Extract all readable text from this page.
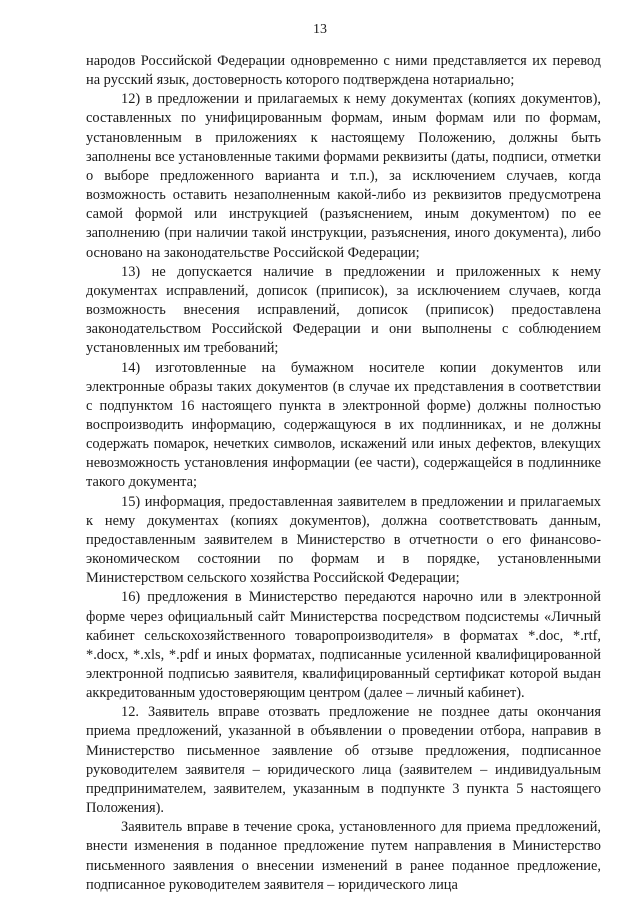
13

народов Российской Федерации одновременно с ними представляется их перевод на русский язык, достоверность которого подтверждена нотариально;

12) в предложении и прилагаемых к нему документах (копиях документов), составленных по унифицированным формам, иным формам или по формам, установленным в приложениях к настоящему Положению, должны быть заполнены все установленные такими формами реквизиты (даты, подписи, отметки о выборе предложенного варианта и т.п.), за исключением случаев, когда возможность оставить незаполненным какой-либо из реквизитов предусмотрена самой формой или инструкцией (разъяснением, иным документом) по ее заполнению (при наличии такой инструкции, разъяснения, иного документа), либо основано на законодательстве Российской Федерации;

13) не допускается наличие в предложении и приложенных к нему документах исправлений, дописок (приписок), за исключением случаев, когда возможность внесения исправлений, дописок (приписок) предоставлена законодательством Российской Федерации и они выполнены с соблюдением установленных им требований;

14) изготовленные на бумажном носителе копии документов или электронные образы таких документов (в случае их представления в соответствии с подпунктом 16 настоящего пункта в электронной форме) должны полностью воспроизводить информацию, содержащуюся в их подлинниках, и не должны содержать помарок, нечетких символов, искажений или иных дефектов, влекущих невозможность установления информации (ее части), содержащейся в подлиннике такого документа;

15) информация, предоставленная заявителем в предложении и прилагаемых к нему документах (копиях документов), должна соответствовать данным, предоставленным заявителем в Министерство в отчетности о его финансово-экономическом состоянии по формам и в порядке, установленными Министерством сельского хозяйства Российской Федерации;

16) предложения в Министерство передаются нарочно или в электронной форме через официальный сайт Министерства посредством подсистемы «Личный кабинет сельскохозяйственного товаропроизводителя» в форматах *.doc, *.rtf, *.docx, *.xls, *.pdf и иных форматах, подписанные усиленной квалифицированной электронной подписью заявителя, квалифицированный сертификат которой выдан аккредитованным удостоверяющим центром (далее – личный кабинет).

12. Заявитель вправе отозвать предложение не позднее даты окончания приема предложений, указанной в объявлении о проведении отбора, направив в Министерство письменное заявление об отзыве предложения, подписанное руководителем заявителя – юридического лица (заявителем – индивидуальным предпринимателем, заявителем, указанным в подпункте 3 пункта 5 настоящего Положения).

Заявитель вправе в течение срока, установленного для приема предложений, внести изменения в поданное предложение путем направления в Министерство письменного заявления о внесении изменений в ранее поданное предложение, подписанное руководителем заявителя – юридического лица
